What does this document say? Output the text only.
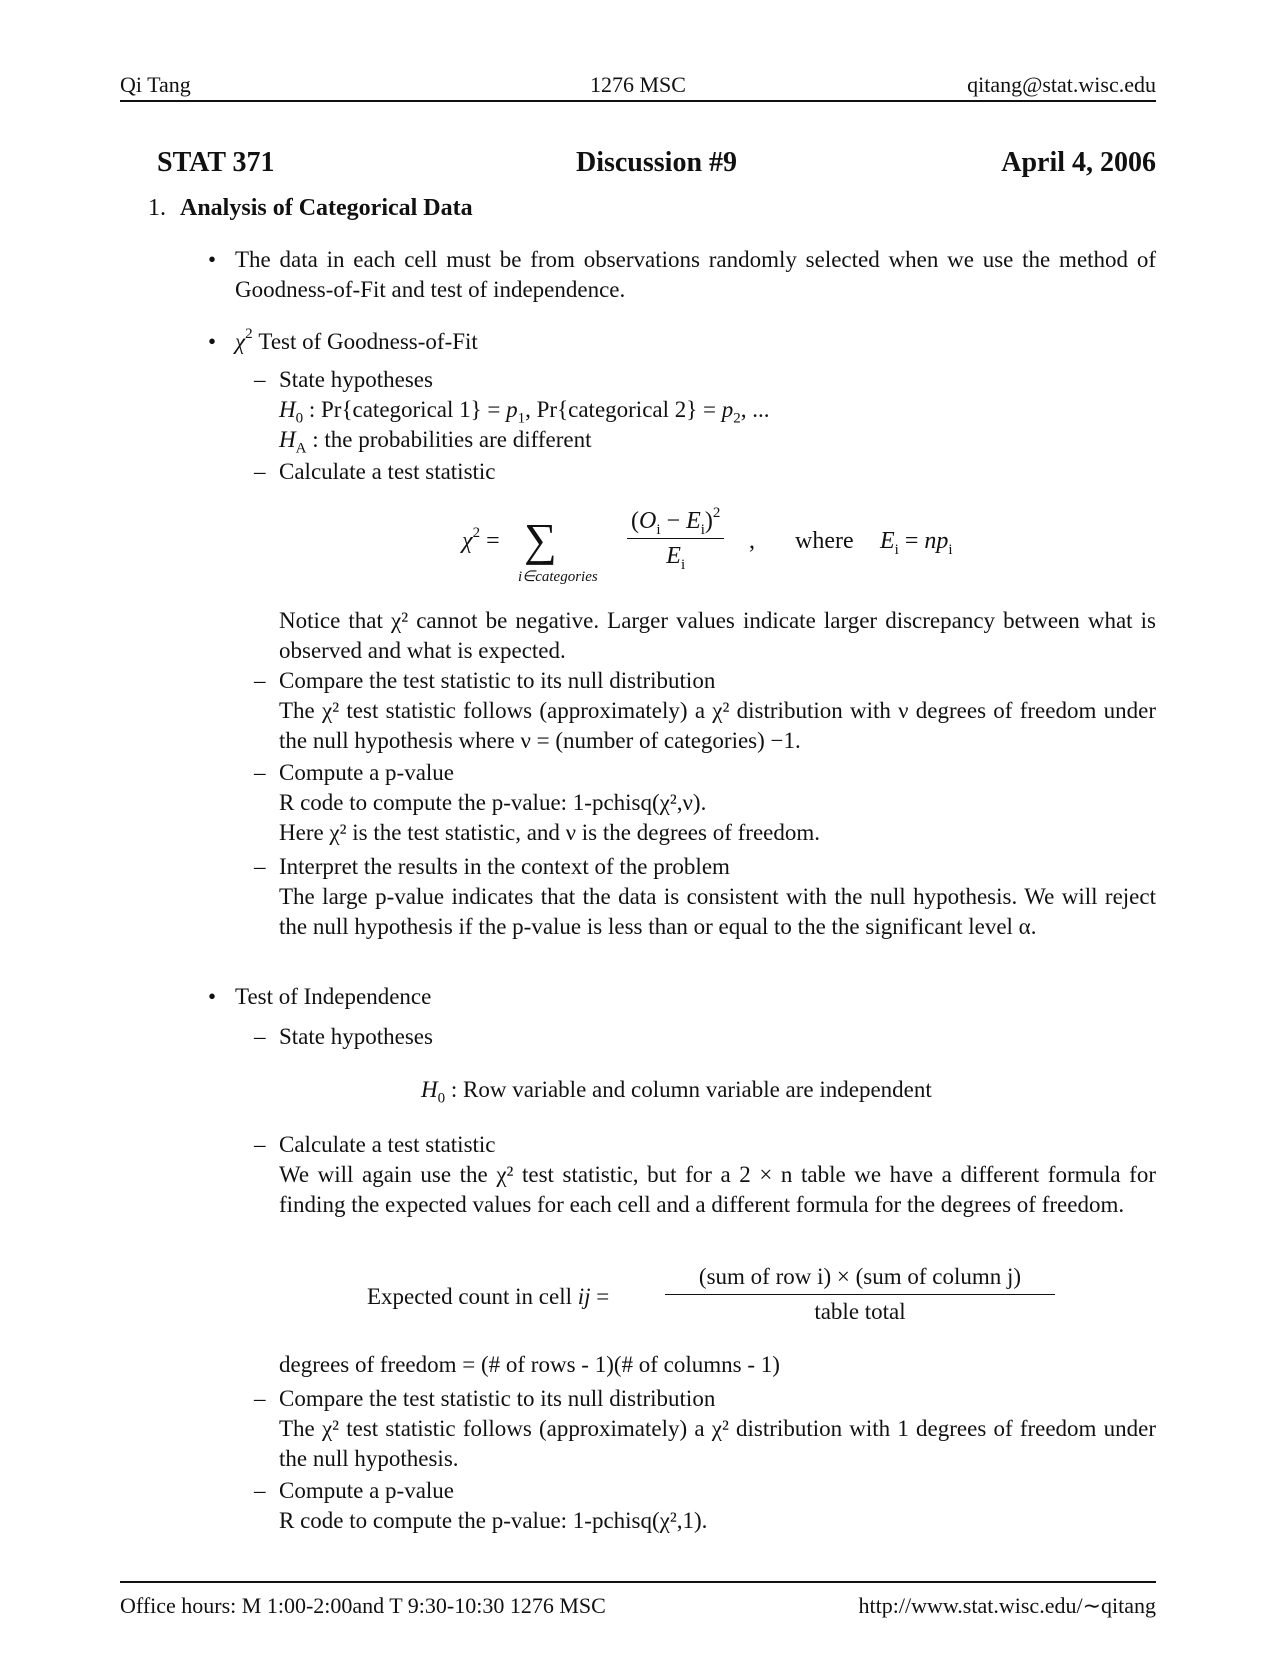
Qi Tang	1276 MSC	qitang@stat.wisc.edu
STAT 371	Discussion #9	April 4, 2006
1. Analysis of Categorical Data
• The data in each cell must be from observations randomly selected when we use the method of Goodness-of-Fit and test of independence.
• $\chi^2$ Test of Goodness-of-Fit
– State hypotheses
$H_0$ : Pr{categorical $1\} = p_1$, Pr{categorical $2\} = p_2$, ...
$H_A$ : the probabilities are different
– Calculate a test statistic
$\chi^2$ = ∑
i∈categories
$\frac{(O_i - E_i)^2}{E_i}$ , where $E_i = np_i$
Notice that χ² cannot be negative. Larger values indicate larger discrepancy between what is observed and what is expected.
– Compare the test statistic to its null distribution
The χ² test statistic follows (approximately) a χ² distribution with ν degrees of freedom under the null hypothesis where ν = (number of categories) −1.
– Compute a p-value
R code to compute the p-value: 1-pchisq(χ²,ν).
Here χ² is the test statistic, and ν is the degrees of freedom.
– Interpret the results in the context of the problem
The large p-value indicates that the data is consistent with the null hypothesis. We will reject the null hypothesis if the p-value is less than or equal to the the significant level α.
• Test of Independence
– State hypotheses
$H_0$ : Row variable and column variable are independent
– Calculate a test statistic
We will again use the χ² test statistic, but for a 2 × n table we have a different formula for finding the expected values for each cell and a different formula for the degrees of freedom.
Expected count in cell ij =
(sum of row i) × (sum of column j)
table total
degrees of freedom = (# of rows - 1)(# of columns - 1)
– Compare the test statistic to its null distribution
The χ² test statistic follows (approximately) a χ² distribution with 1 degrees of freedom under the null hypothesis.
– Compute a p-value
R code to compute the p-value: 1-pchisq(χ²,1).
Office hours: M 1:00-2:00and T 9:30-10:30 1276 MSC	http://www.stat.wisc.edu/∼qitang
